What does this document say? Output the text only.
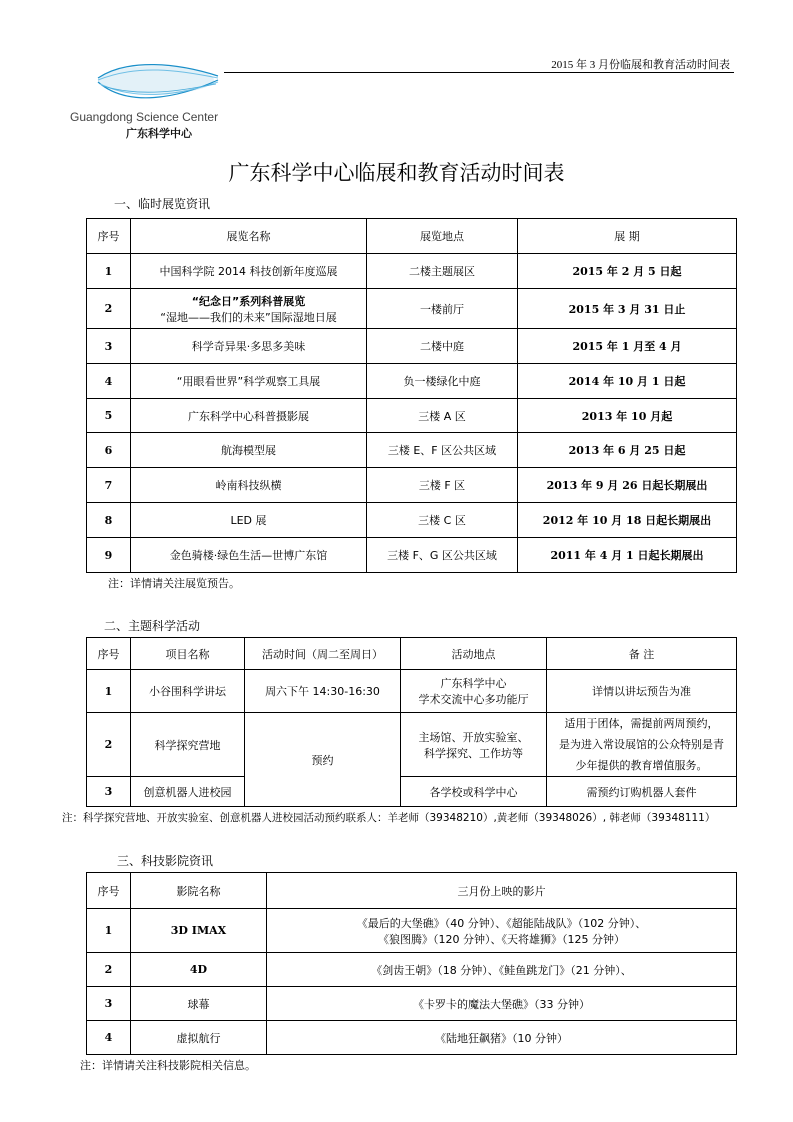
2015 年 3 月份临展和教育活动时间表
Guangdong Science Center
广东科学中心
广东科学中心临展和教育活动时间表
一、临时展览资讯
序号	展览名称	展览地点	展 期
1	中国科学院 2014 科技创新年度巡展	二楼主题展区	2015 年 2 月 5 日起
2	“纪念日”系列科普展览
“湿地——我们的未来”国际湿地日展	一楼前厅	2015 年 3 月 31 日止
3	科学奇异果·多思多美味	二楼中庭	2015 年 1 月至 4 月
4	“用眼看世界”科学观察工具展	负一楼绿化中庭	2014 年 10 月 1 日起
5	广东科学中心科普摄影展	三楼 A 区	2013 年 10 月起
6	航海模型展	三楼 E、F 区公共区域	2013 年 6 月 25 日起
7	岭南科技纵横	三楼 F 区	2013 年 9 月 26 日起长期展出
8	LED 展	三楼 C 区	2012 年 10 月 18 日起长期展出
9	金色骑楼·绿色生活—世博广东馆	三楼 F、G 区公共区域	2011 年 4 月 1 日起长期展出
注：详情请关注展览预告。
二、主题科学活动
序号	项目名称	活动时间（周二至周日）	活动地点	备 注
1	小谷围科学讲坛	周六下午 14:30-16:30	广东科学中心
学术交流中心多功能厅	详情以讲坛预告为准
2	科学探究营地	预约	主场馆、开放实验室、
科学探究、工作坊等	适用于团体，需提前两周预约，
是为进入常设展馆的公众特别是青
少年提供的教育增值服务。

3	创意机器人进校园		各学校或科学中心	需预约订购机器人套件
注：科学探究营地、开放实验室、创意机器人进校园活动预约联系人：羊老师（39348210）,黄老师（39348026）, 韩老师（39348111）
三、科技影院资讯
序号	影院名称	三月份上映的影片
1	3D IMAX	《最后的大堡礁》（40 分钟）、《超能陆战队》（102 分钟）、
《狼图腾》（120 分钟）、《天将雄狮》（125 分钟）

2	4D	《剑齿王朝》（18 分钟）、《鲑鱼跳龙门》（21 分钟）、
3	球幕	《卡罗卡的魔法大堡礁》（33 分钟）
4	虚拟航行	《陆地狂飙猪》（10 分钟）
注：详情请关注科技影院相关信息。
